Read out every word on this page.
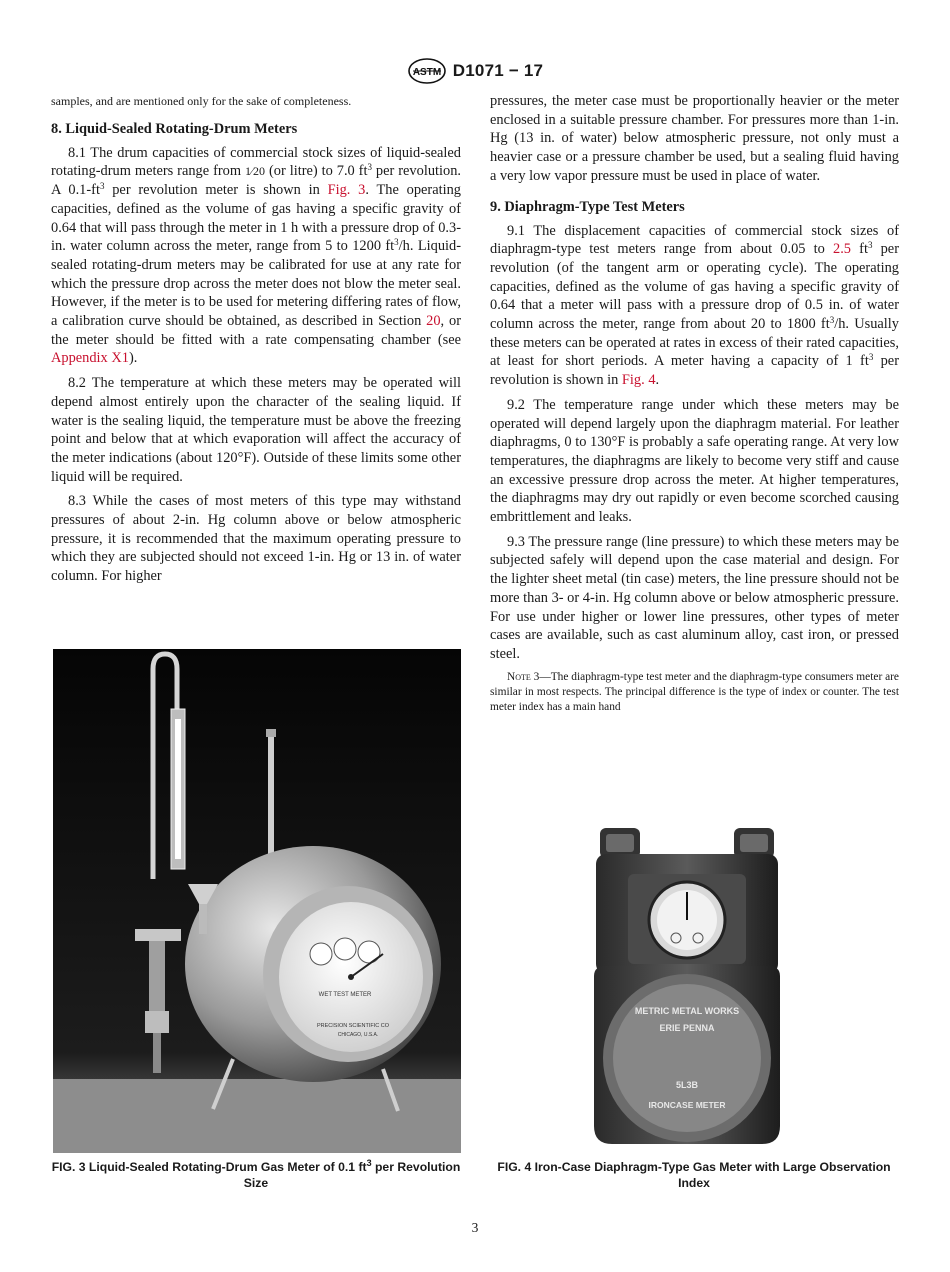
ASTM D1071 − 17

samples, and are mentioned only for the sake of completeness.

8. Liquid-Sealed Rotating-Drum Meters

8.1 The drum capacities of commercial stock sizes of liquid-sealed rotating-drum meters range from 1⁄20 (or litre) to 7.0 $ft^3$ per revolution. A $0.1-ft^3$ per revolution meter is shown in Fig. 3. The operating capacities, defined as the volume of gas having a specific gravity of 0.64 that will pass through the meter in 1 h with a pressure drop of 0.3-in. water column across the meter, range from 5 to 1200 $ft^3/h$. Liquid-sealed rotating-drum meters may be calibrated for use at any rate for which the pressure drop across the meter does not blow the meter seal. However, if the meter is to be used for metering differing rates of flow, a calibration curve should be obtained, as described in Section 20, or the meter should be fitted with a rate compensating chamber (see Appendix X1).

8.2 The temperature at which these meters may be operated will depend almost entirely upon the character of the sealing liquid. If water is the sealing liquid, the temperature must be above the freezing point and below that at which evaporation will affect the accuracy of the meter indications (about 120°F). Outside of these limits some other liquid will be required.

8.3 While the cases of most meters of this type may withstand pressures of about 2-in. Hg column above or below atmospheric pressure, it is recommended that the maximum operating pressure to which they are subjected should not exceed 1-in. Hg or 13 in. of water column. For higher

pressures, the meter case must be proportionally heavier or the meter enclosed in a suitable pressure chamber. For pressures more than 1-in. Hg (13 in. of water) below atmospheric pressure, not only must a heavier case or a pressure chamber be used, but a sealing fluid having a very low vapor pressure must be used in place of water.

9. Diaphragm-Type Test Meters

9.1 The displacement capacities of commercial stock sizes of diaphragm-type test meters range from about 0.05 to 2.5 $ft^3$ per revolution (of the tangent arm or operating cycle). The operating capacities, defined as the volume of gas having a specific gravity of 0.64 that a meter will pass with a pressure drop of 0.5 in. of water column across the meter, range from about 20 to 1800 $ft^3/h$. Usually these meters can be operated at rates in excess of their rated capacities, at least for short periods. A meter having a capacity of 1 $ft^3$ per revolution is shown in Fig. 4.

9.2 The temperature range under which these meters may be operated will depend largely upon the diaphragm material. For leather diaphragms, 0 to 130°F is probably a safe operating range. At very low temperatures, the diaphragms are likely to become very stiff and cause an excessive pressure drop across the meter. At higher temperatures, the diaphragms may dry out rapidly or even become scorched causing embrittlement and leaks.

9.3 The pressure range (line pressure) to which these meters may be subjected safely will depend upon the case material and design. For the lighter sheet metal (tin case) meters, the line pressure should not be more than 3- or 4-in. Hg column above or below atmospheric pressure. For use under higher or lower line pressures, other types of meter cases are available, such as cast aluminum alloy, cast iron, or pressed steel.

Note 3—The diaphragm-type test meter and the diaphragm-type consumers meter are similar in most respects. The principal difference is the type of index or counter. The test meter index has a main hand

WET TEST METER
PRECISION SCIENTIFIC CO
CHICAGO, U.S.A.
FIG. 3 Liquid-Sealed Rotating-Drum Gas Meter of 0.1 $ft^3$ per Revolution Size
METRIC METAL WORKS
ERIE PENNA
5L3B
IRONCASE METER
FIG. 4 Iron-Case Diaphragm-Type Gas Meter with Large Observation Index
3
